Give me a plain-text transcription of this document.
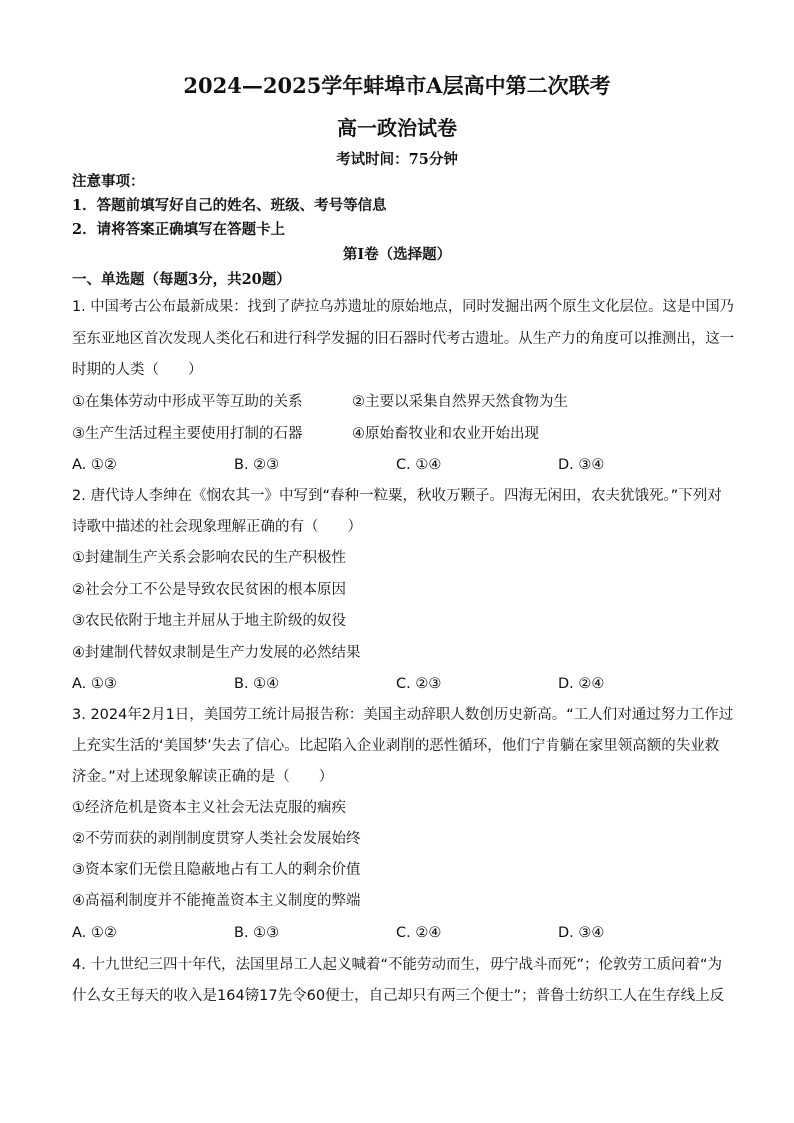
2024—2025学年蚌埠市A层高中第二次联考
高一政治试卷
考试时间：75分钟
注意事项：
1．答题前填写好自己的姓名、班级、考号等信息
2．请将答案正确填写在答题卡上
第Ⅰ卷（选择题）
一、单选题（每题3分，共20题）
1. 中国考古公布最新成果：找到了萨拉乌苏遗址的原始地点，同时发掘出两个原生文化层位。这是中国乃
至东亚地区首次发现人类化石和进行科学发掘的旧石器时代考古遗址。从生产力的角度可以推测出，这一
时期的人类（　　）
①在集体劳动中形成平等互助的关系	②主要以采集自然界天然食物为生
③生产生活过程主要使用打制的石器	④原始畜牧业和农业开始出现
A. ①②	B. ②③	C. ①④	D. ③④
2. 唐代诗人李绅在《悯农其一》中写到“春种一粒粟，秋收万颗子。四海无闲田，农夫犹饿死。”下列对
诗歌中描述的社会现象理解正确的有（　　）
①封建制生产关系会影响农民的生产积极性
②社会分工不公是导致农民贫困的根本原因
③农民依附于地主并屈从于地主阶级的奴役
④封建制代替奴隶制是生产力发展的必然结果
A. ①③	B. ①④	C. ②③	D. ②④
3. 2024年2月1日，美国劳工统计局报告称：美国主动辞职人数创历史新高。“工人们对通过努力工作过
上充实生活的‘美国梦’失去了信心。比起陷入企业剥削的恶性循环，他们宁肯躺在家里领高额的失业救
济金。”对上述现象解读正确的是（　　）
①经济危机是资本主义社会无法克服的痼疾
②不劳而获的剥削制度贯穿人类社会发展始终
③资本家们无偿且隐蔽地占有工人的剩余价值
④高福利制度并不能掩盖资本主义制度的弊端
A. ①②	B. ①③	C. ②④	D. ③④
4. 十九世纪三四十年代，法国里昂工人起义喊着“不能劳动而生，毋宁战斗而死”；伦敦劳工质问着“为
什么女王每天的收入是164镑17先令60便士，自己却只有两三个便士”；普鲁士纺织工人在生存线上反
